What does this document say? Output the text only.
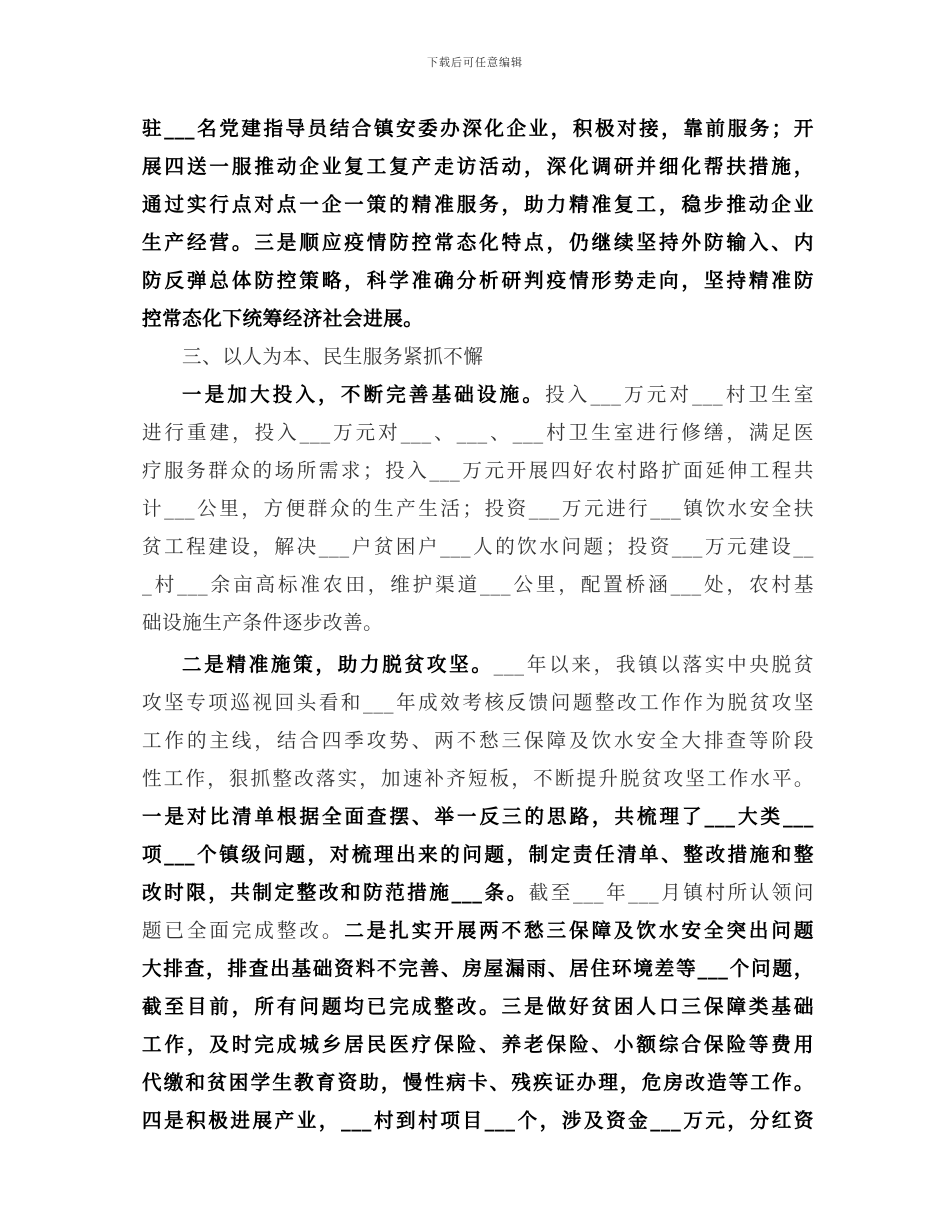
下载后可任意编辑
驻___名党建指导员结合镇安委办深化企业，积极对接，靠前服务；开
展四送一服推动企业复工复产走访活动，深化调研并细化帮扶措施，
通过实行点对点一企一策的精准服务，助力精准复工，稳步推动企业
生产经营。三是顺应疫情防控常态化特点，仍继续坚持外防输入、内
防反弹总体防控策略，科学准确分析研判疫情形势走向，坚持精准防
控常态化下统筹经济社会进展。
三、以人为本、民生服务紧抓不懈
一是加大投入，不断完善基础设施。投入___万元对___村卫生室
进行重建，投入___万元对___、___、___村卫生室进行修缮，满足医
疗服务群众的场所需求；投入___万元开展四好农村路扩面延伸工程共
计___公里，方便群众的生产生活；投资___万元进行___镇饮水安全扶
贫工程建设，解决___户贫困户___人的饮水问题；投资___万元建设__
_村___余亩高标准农田，维护渠道___公里，配置桥涵___处，农村基
础设施生产条件逐步改善。
二是精准施策，助力脱贫攻坚。___年以来，我镇以落实中央脱贫
攻坚专项巡视回头看和___年成效考核反馈问题整改工作作为脱贫攻坚
工作的主线，结合四季攻势、两不愁三保障及饮水安全大排查等阶段
性工作，狠抓整改落实，加速补齐短板，不断提升脱贫攻坚工作水平。
一是对比清单根据全面查摆、举一反三的思路，共梳理了___大类___
项___个镇级问题，对梳理出来的问题，制定责任清单、整改措施和整
改时限，共制定整改和防范措施___条。截至___年___月镇村所认领问
题已全面完成整改。二是扎实开展两不愁三保障及饮水安全突出问题
大排查，排查出基础资料不完善、房屋漏雨、居住环境差等___个问题，
截至目前，所有问题均已完成整改。三是做好贫困人口三保障类基础
工作，及时完成城乡居民医疗保险、养老保险、小额综合保险等费用
代缴和贫困学生教育资助，慢性病卡、残疾证办理，危房改造等工作。
四是积极进展产业，___村到村项目___个，涉及资金___万元，分红资
